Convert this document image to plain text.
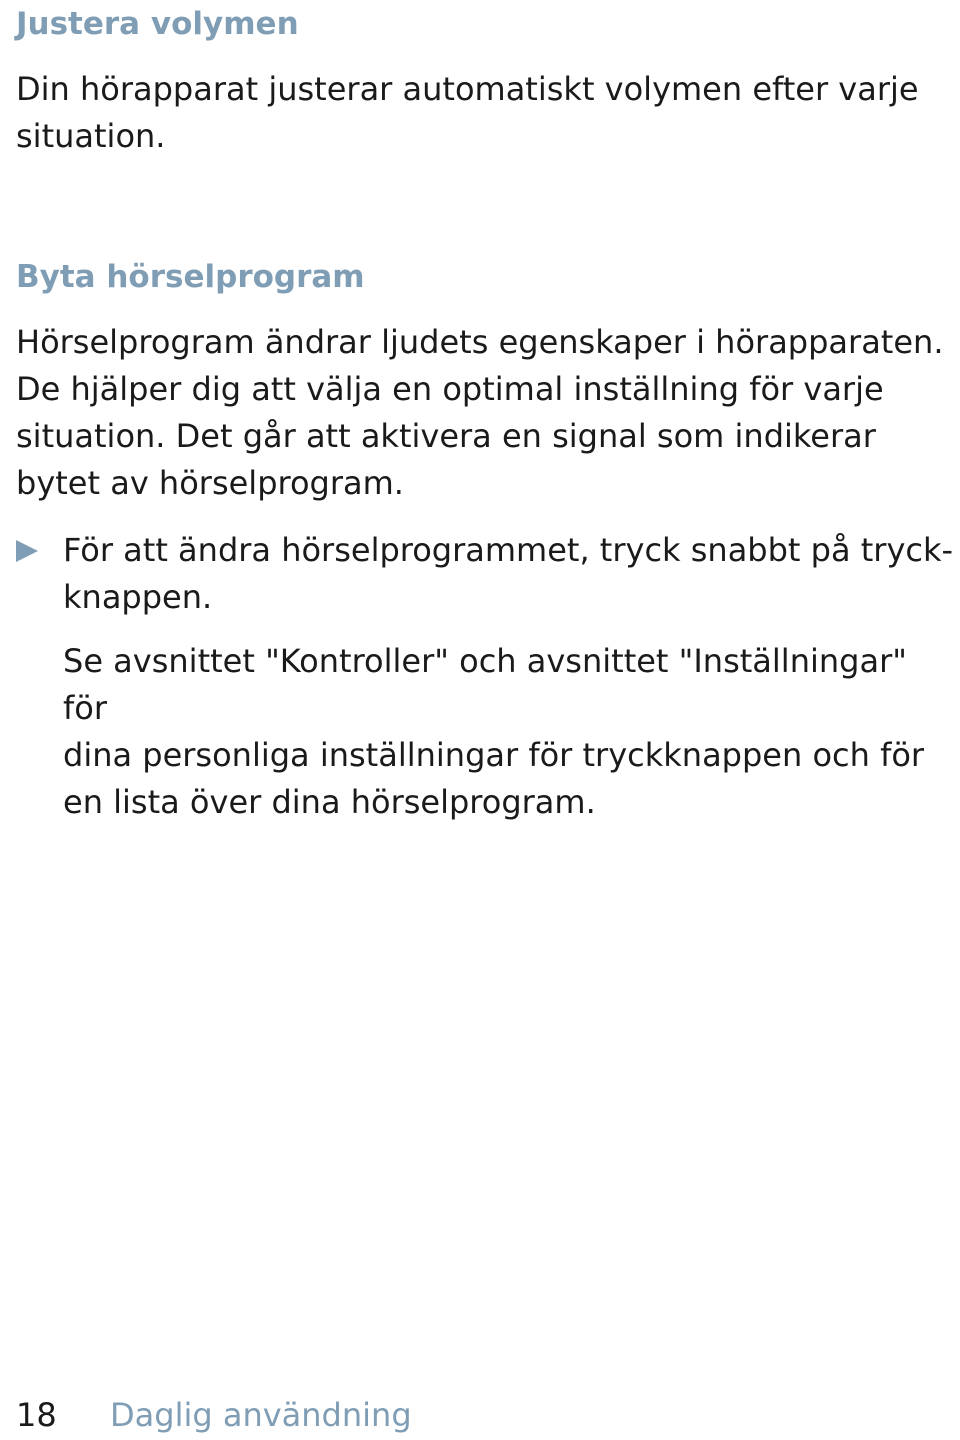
Justera volymen

Din hörapparat justerar automatiskt volymen efter varje
situation.

Byta hörselprogram

Hörselprogram ändrar ljudets egenskaper i hörapparaten.
De hjälper dig att välja en optimal inställning för varje
situation. Det går att aktivera en signal som indikerar
bytet av hörselprogram.

För att ändra hörselprogrammet, tryck snabbt på tryck-
knappen.

Se avsnittet "Kontroller" och avsnittet "Inställningar" för
dina personliga inställningar för tryckknappen och för
en lista över dina hörselprogram.

18 Daglig användning
